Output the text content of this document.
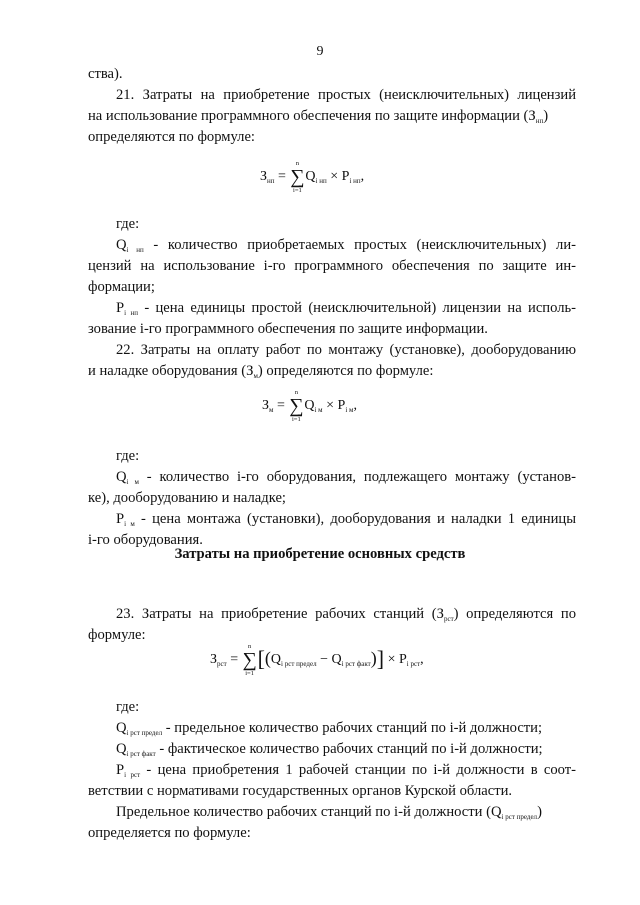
9
ства).
21. Затраты на приобретение простых (неисключительных) лицензий
на использование программного обеспечения по защите информации $(З_{нп})$
определяются по формуле:
где:
$Q_{i нп}$ - количество приобретаемых простых (неисключительных) ли-
цензий на использование i-го программного обеспечения по защите ин-
формации;
$P_{i нп}$ - цена единицы простой (неисключительной) лицензии на исполь-
зование i-го программного обеспечения по защите информации.
22. Затраты на оплату работ по монтажу (установке), дооборудованию
и наладке оборудования $(З_м)$ определяются по формуле:
где:
$Q_{i м}$ - количество i-го оборудования, подлежащего монтажу (установ-
ке), дооборудованию и наладке;
$P_{i м}$ - цена монтажа (установки), дооборудования и наладки 1 единицы
i-го оборудования.
23. Затраты на приобретение рабочих станций $(З_{рст})$ определяются по
формуле:
где:
$Q_{i рст предел}$ - предельное количество рабочих станций по i-й должности;
$Q_{i рст факт}$ - фактическое количество рабочих станций по i-й должности;
$P_{i рст}$ - цена приобретения 1 рабочей станции по i-й должности в соот-
ветствии с нормативами государственных органов Курской области.
Предельное количество рабочих станций по i-й должности $(Q_{i рст предел})$
определяется по формуле:
$З_{нп}$ =
n
∑
i=1
$Q_{i нп} \times P_{i нп}$,
$З_м$ =
n
∑
i=1
$Q_{i м} \times P_{i м}$,
Затраты на приобретение основных средств
$З_{рст}$ =
n
∑
i=1
$[(Q_{i рст предел} - Q_{i рст факт})] \times P_{i рст}$,
